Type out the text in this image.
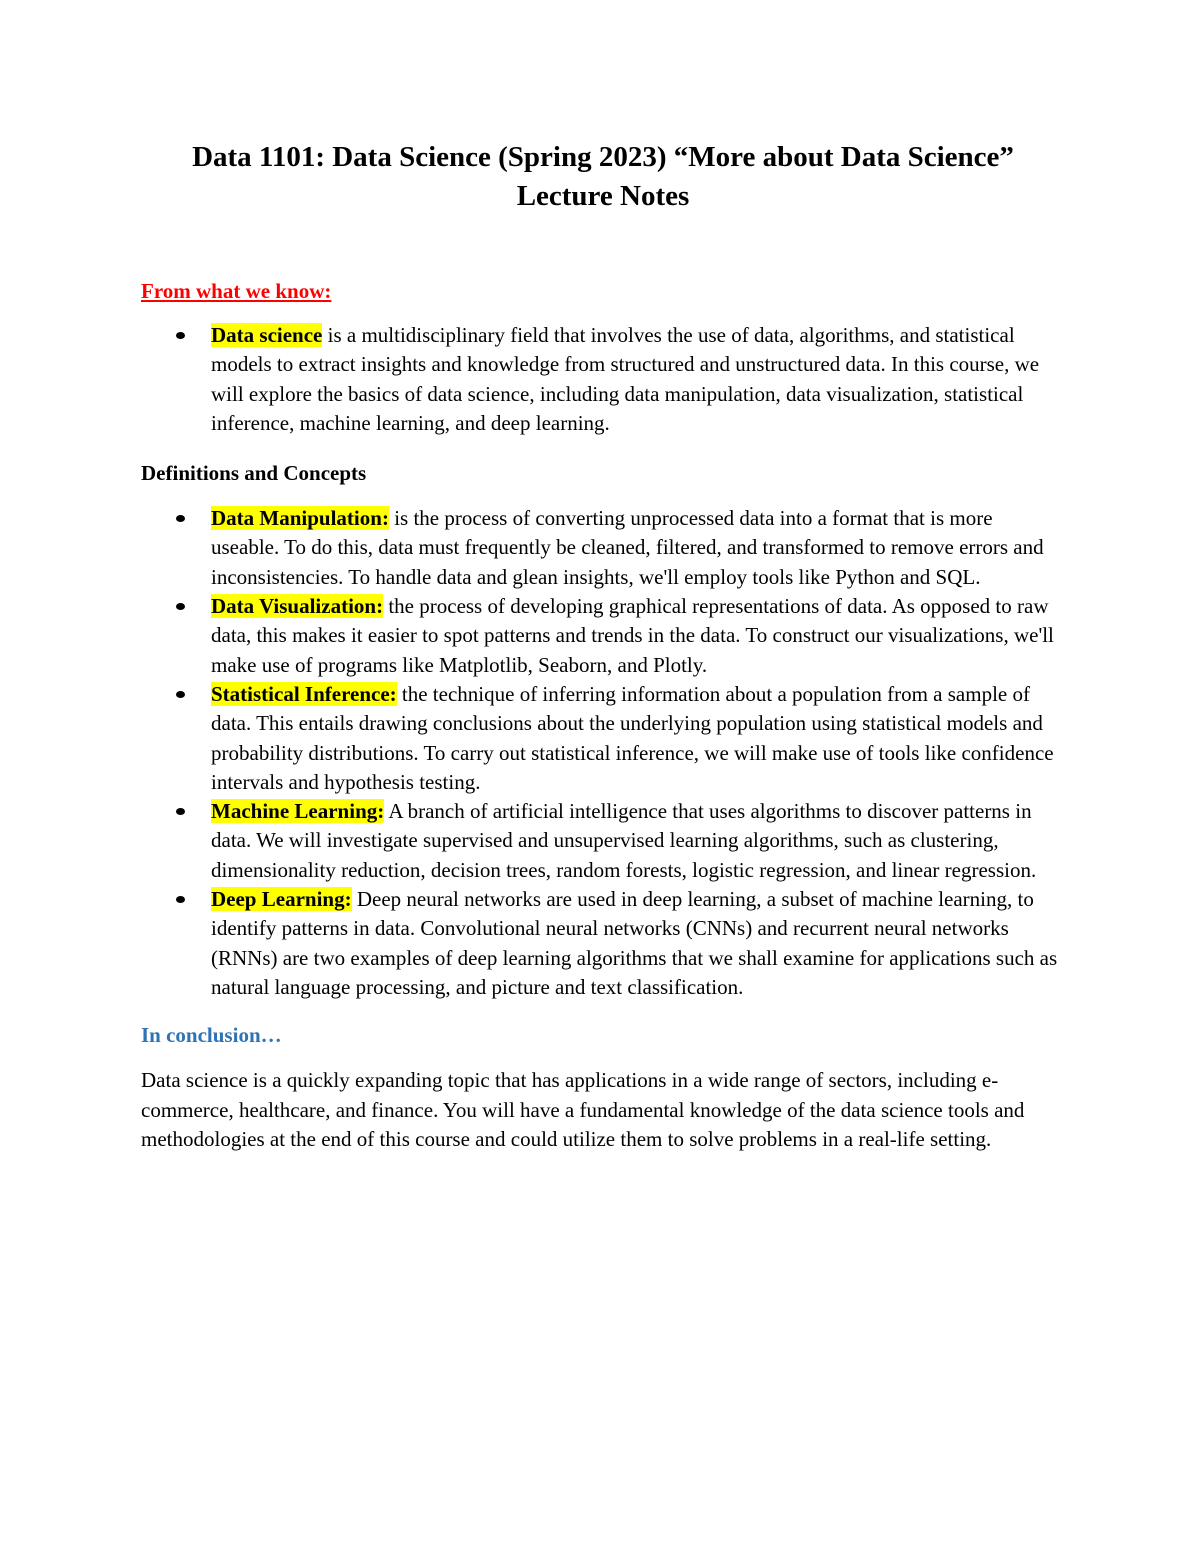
Data 1101: Data Science (Spring 2023) “More about Data Science”
Lecture Notes
From what we know:
Data science is a multidisciplinary field that involves the use of data, algorithms, and statistical models to extract insights and knowledge from structured and unstructured data. In this course, we will explore the basics of data science, including data manipulation, data visualization, statistical inference, machine learning, and deep learning.
Definitions and Concepts
Data Manipulation: is the process of converting unprocessed data into a format that is more useable. To do this, data must frequently be cleaned, filtered, and transformed to remove errors and inconsistencies. To handle data and glean insights, we'll employ tools like Python and SQL.
Data Visualization: the process of developing graphical representations of data. As opposed to raw data, this makes it easier to spot patterns and trends in the data. To construct our visualizations, we'll make use of programs like Matplotlib, Seaborn, and Plotly.
Statistical Inference: the technique of inferring information about a population from a sample of data. This entails drawing conclusions about the underlying population using statistical models and probability distributions. To carry out statistical inference, we will make use of tools like confidence intervals and hypothesis testing.
Machine Learning: A branch of artificial intelligence that uses algorithms to discover patterns in data. We will investigate supervised and unsupervised learning algorithms, such as clustering, dimensionality reduction, decision trees, random forests, logistic regression, and linear regression.
Deep Learning: Deep neural networks are used in deep learning, a subset of machine learning, to identify patterns in data. Convolutional neural networks (CNNs) and recurrent neural networks (RNNs) are two examples of deep learning algorithms that we shall examine for applications such as natural language processing, and picture and text classification.
In conclusion…

Data science is a quickly expanding topic that has applications in a wide range of sectors, including e-commerce, healthcare, and finance. You will have a fundamental knowledge of the data science tools and methodologies at the end of this course and could utilize them to solve problems in a real-life setting.
